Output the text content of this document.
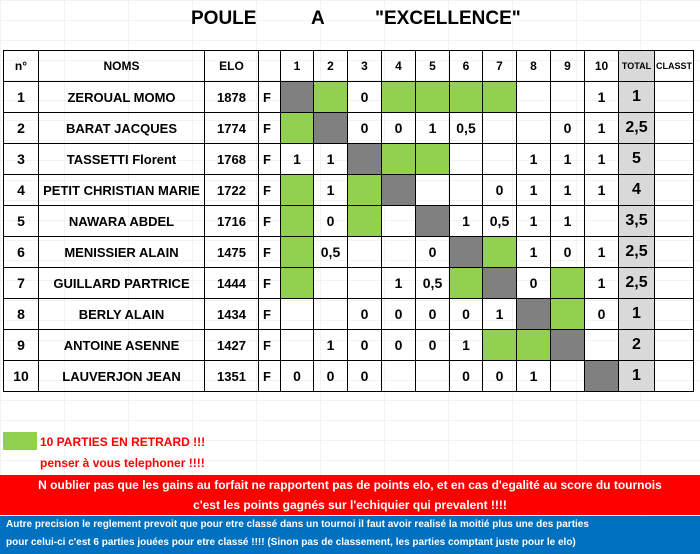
POULE	A	"EXCELLENCE"
n°	NOMS	ELO		1	2	3	4	5	6	7	8	9	10	TOTAL	CLASST
1	ZEROUAL MOMO	1878	F			0							1	1	
2	BARAT JACQUES	1774	F			0	0	1	0,5			0	1	2,5	
3	TASSETTI Florent	1768	F	1	1						1	1	1	5	
4	PETIT CHRISTIAN MARIE	1722	F		1					0	1	1	1	4	
5	NAWARA ABDEL	1716	F		0				1	0,5	1	1		3,5	
6	MENISSIER ALAIN	1475	F		0,5			0			1	0	1	2,5	
7	GUILLARD PARTRICE	1444	F				1	0,5			0		1	2,5	
8	BERLY ALAIN	1434	F			0	0	0	0	1			0	1	
9	ANTOINE ASENNE	1427	F		1	0	0	0	1					2	
10	LAUVERJON JEAN	1351	F	0	0	0			0	0	1			1	
10 PARTIES EN RETRARD !!!
penser à vous telephoner !!!!
N oublier pas que les gains au forfait ne rapportent pas de points elo, et en cas d'egalité au score du tournois
c'est les points gagnés sur l'echiquier qui prevalent !!!!
Autre precision le reglement prevoit que pour etre classé dans un tournoi il faut avoir realisé la moitié plus une des parties
pour celui-ci c'est 6 parties jouées pour etre classé !!!! (Sinon pas de classement, les parties comptant juste pour le elo)
